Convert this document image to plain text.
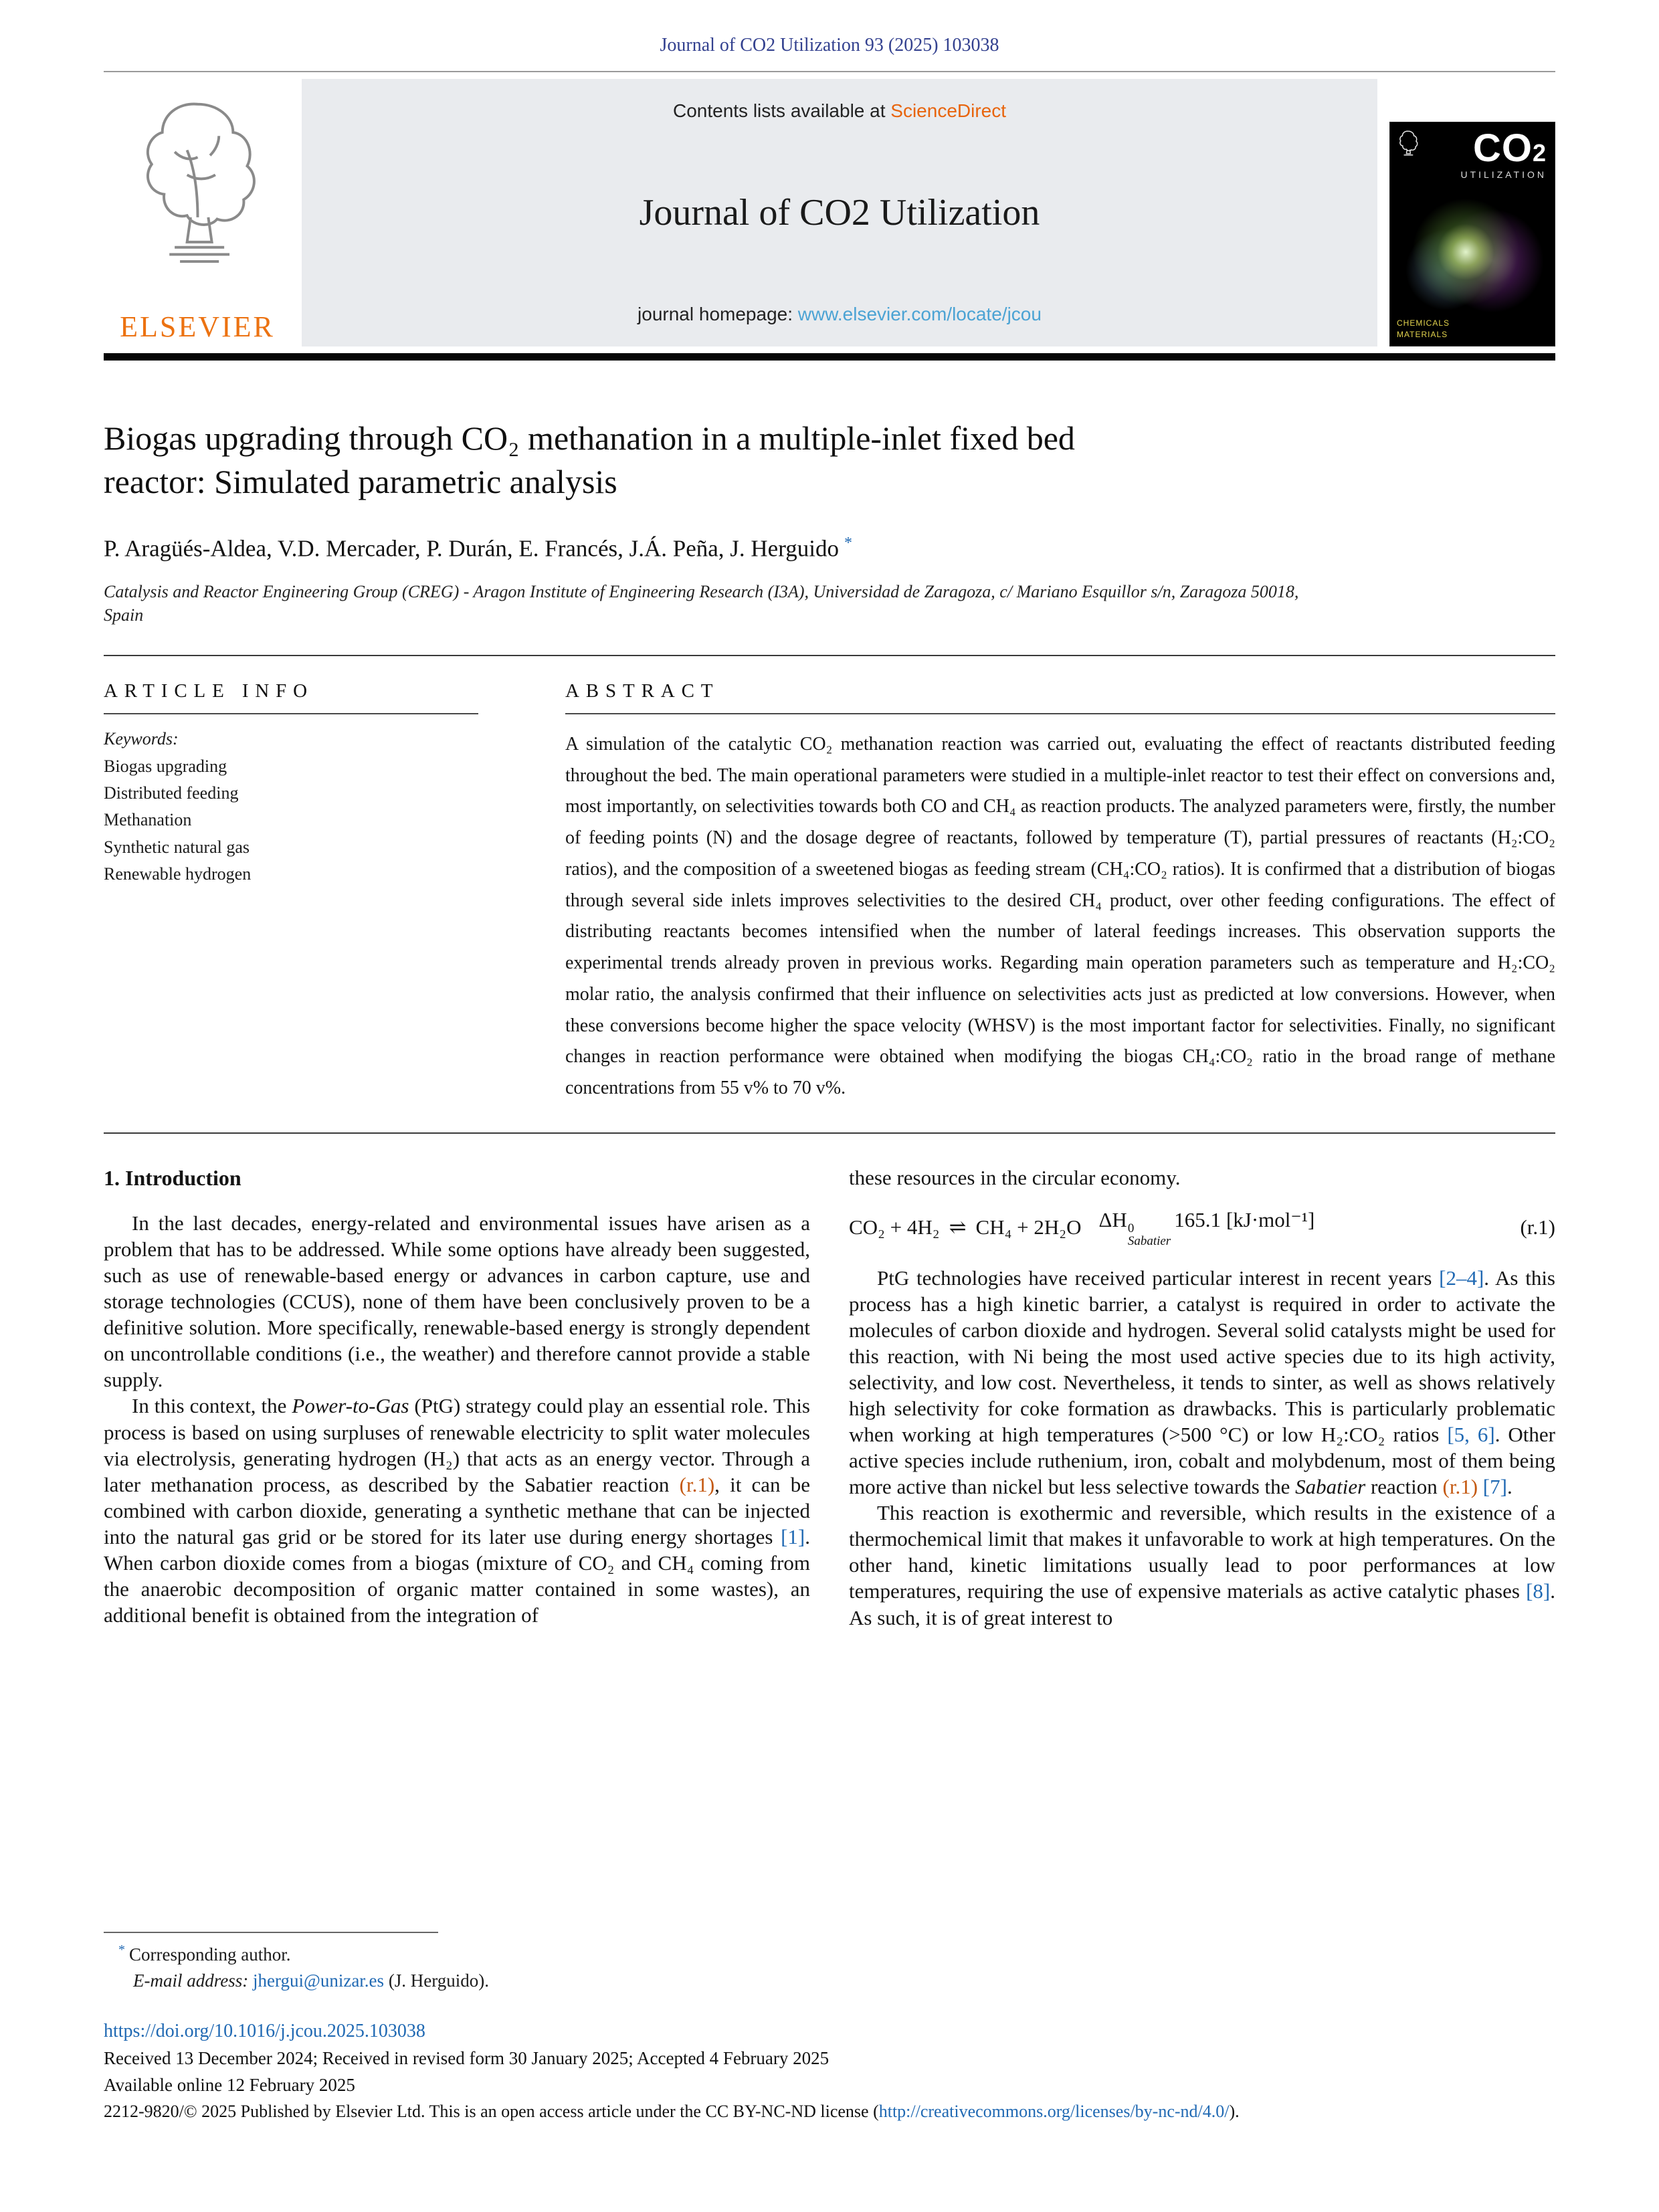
Journal of CO2 Utilization 93 (2025) 103038
ELSEVIER
Contents lists available at ScienceDirect
Journal of CO2 Utilization
journal homepage: www.elsevier.com/locate/jcou
CO2
UTILIZATION
CHEMICALS
MATERIALS
Biogas upgrading through CO₂ methanation in a multiple-inlet fixed bed
reactor: Simulated parametric analysis
P. Aragüés-Aldea, V.D. Mercader, P. Durán, E. Francés, J.Á. Peña, J. Herguido *
Catalysis and Reactor Engineering Group (CREG) - Aragon Institute of Engineering Research (I3A), Universidad de Zaragoza, c/ Mariano Esquillor s/n, Zaragoza 50018,
Spain
ARTICLE INFO
Keywords:
Biogas upgrading
Distributed feeding
Methanation
Synthetic natural gas
Renewable hydrogen
ABSTRACT
A simulation of the catalytic CO₂ methanation reaction was carried out, evaluating the effect of reactants distributed feeding throughout the bed. The main operational parameters were studied in a multiple-inlet reactor to test their effect on conversions and, most importantly, on selectivities towards both CO and CH₄ as reaction products. The analyzed parameters were, firstly, the number of feeding points (N) and the dosage degree of reactants, followed by temperature (T), partial pressures of reactants (H₂:CO₂ ratios), and the composition of a sweetened biogas as feeding stream (CH₄:CO₂ ratios). It is confirmed that a distribution of biogas through several side inlets improves selectivities to the desired CH₄ product, over other feeding configurations. The effect of distributing reactants becomes intensified when the number of lateral feedings increases. This observation supports the experimental trends already proven in previous works. Regarding main operation parameters such as temperature and H₂:CO₂ molar ratio, the analysis confirmed that their influence on selectivities acts just as predicted at low conversions. However, when these conversions become higher the space velocity (WHSV) is the most important factor for selectivities. Finally, no significant changes in reaction performance were obtained when modifying the biogas CH₄:CO₂ ratio in the broad range of methane concentrations from 55 v% to 70 v%.
1. Introduction

In the last decades, energy-related and environmental issues have arisen as a problem that has to be addressed. While some options have already been suggested, such as use of renewable-based energy or advances in carbon capture, use and storage technologies (CCUS), none of them have been conclusively proven to be a definitive solution. More specifically, renewable-based energy is strongly dependent on uncontrollable conditions (i.e., the weather) and therefore cannot provide a stable supply.

In this context, the Power-to-Gas (PtG) strategy could play an essential role. This process is based on using surpluses of renewable electricity to split water molecules via electrolysis, generating hydrogen (H₂) that acts as an energy vector. Through a later methanation process, as described by the Sabatier reaction (r.1), it can be combined with carbon dioxide, generating a synthetic methane that can be injected into the natural gas grid or be stored for its later use during energy shortages [1]. When carbon dioxide comes from a biogas (mixture of CO₂ and CH₄ coming from the anaerobic decomposition of organic matter contained in some wastes), an additional benefit is obtained from the integration of

these resources in the circular economy.

CO₂ + 4H₂ ⇌ CH₄ + 2H₂O ΔH 0
Sabatier
165.1 [kJ·mol⁻¹]	(r.1)

PtG technologies have received particular interest in recent years [2–4]. As this process has a high kinetic barrier, a catalyst is required in order to activate the molecules of carbon dioxide and hydrogen. Several solid catalysts might be used for this reaction, with Ni being the most used active species due to its high activity, selectivity, and low cost. Nevertheless, it tends to sinter, as well as shows relatively high selectivity for coke formation as drawbacks. This is particularly problematic when working at high temperatures (>500 °C) or low H₂:CO₂ ratios [5, 6]. Other active species include ruthenium, iron, cobalt and molybdenum, most of them being more active than nickel but less selective towards the Sabatier reaction (r.1) [7].

This reaction is exothermic and reversible, which results in the existence of a thermochemical limit that makes it unfavorable to work at high temperatures. On the other hand, kinetic limitations usually lead to poor performances at low temperatures, requiring the use of expensive materials as active catalytic phases [8]. As such, it is of great interest to

* Corresponding author.
E-mail address: jhergui@unizar.es (J. Herguido).
https://doi.org/10.1016/j.jcou.2025.103038
Received 13 December 2024; Received in revised form 30 January 2025; Accepted 4 February 2025
Available online 12 February 2025
2212-9820/© 2025 Published by Elsevier Ltd. This is an open access article under the CC BY-NC-ND license (http://creativecommons.org/licenses/by-nc-nd/4.0/).
